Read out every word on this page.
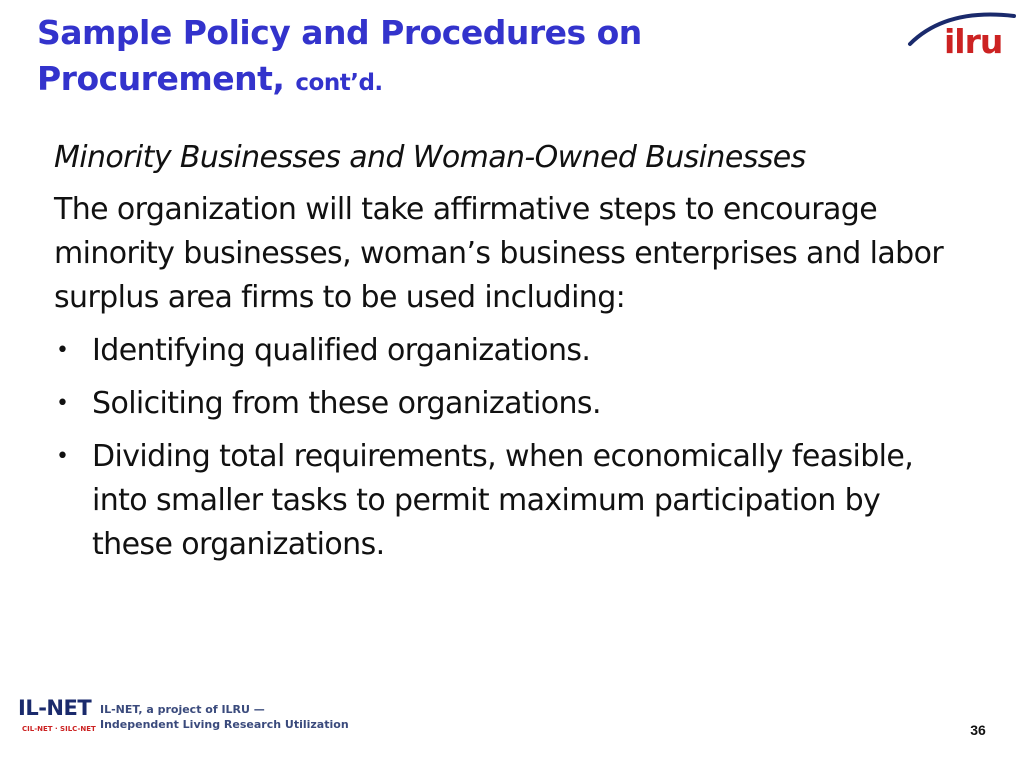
Sample Policy and Procedures on Procurement, cont’d.
ilru

Minority Businesses and Woman-Owned Businesses

The organization will take affirmative steps to encourage minority businesses, woman’s business enterprises and labor surplus area firms to be used including:

• Identifying qualified organizations.
• Soliciting from these organizations.
• Dividing total requirements, when economically feasible, into smaller tasks to permit maximum participation by these organizations.
IL-NET
CIL-NET · SILC-NET
IL-NET, a project of ILRU —
Independent Living Research Utilization	36
